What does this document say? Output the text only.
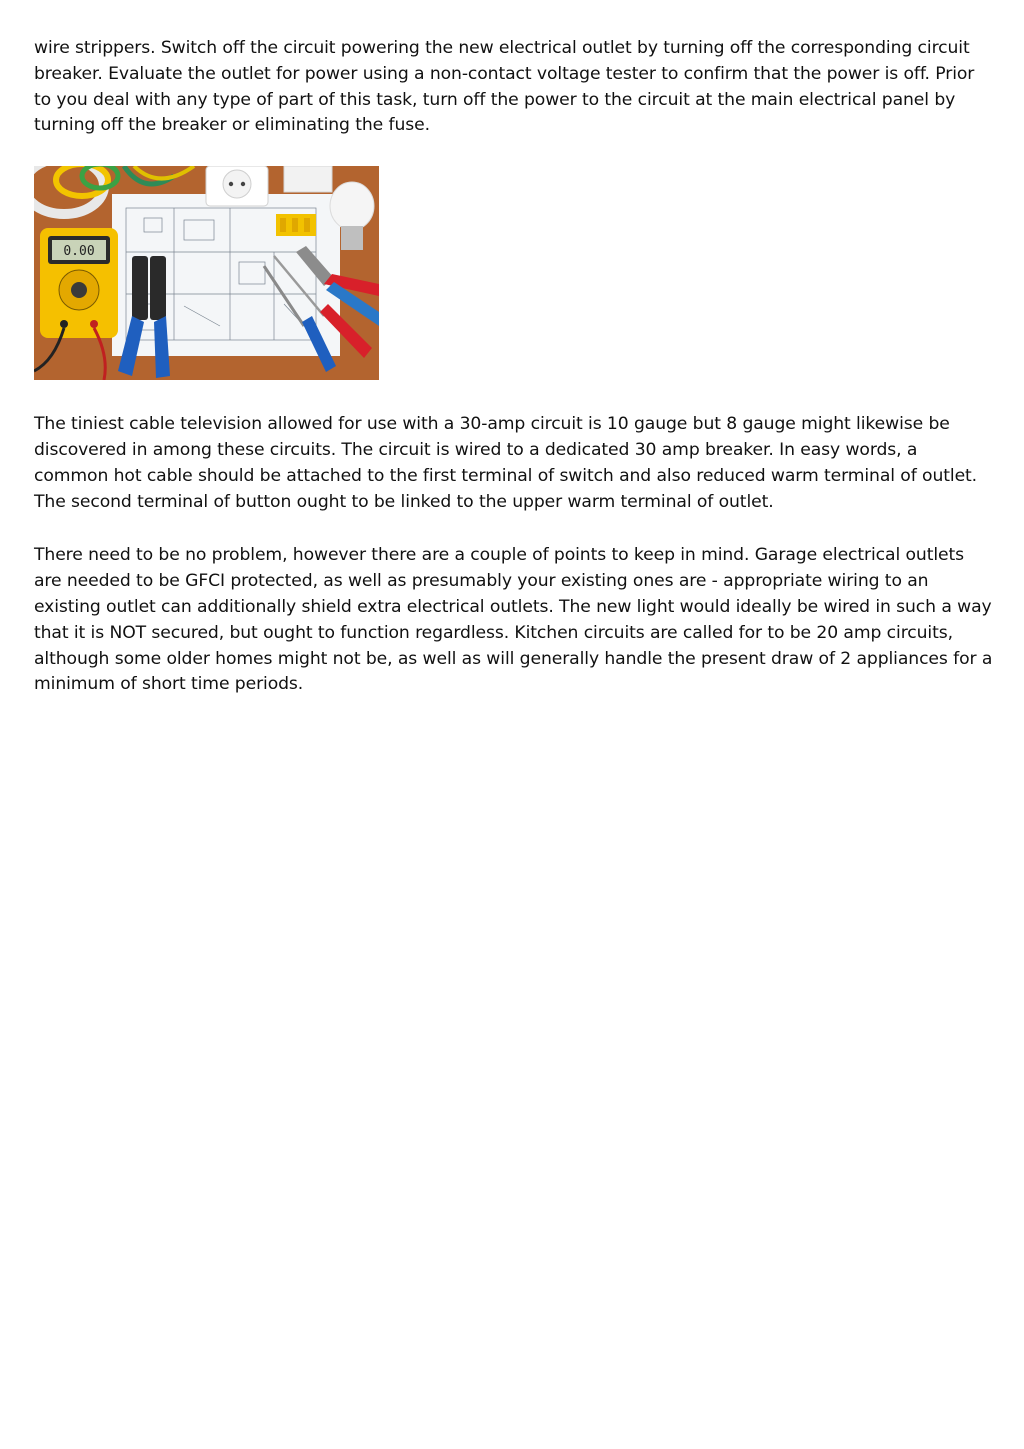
wire strippers. Switch off the circuit powering the new electrical outlet by turning off the corresponding circuit breaker. Evaluate the outlet for power using a non-contact voltage tester to confirm that the power is off. Prior to you deal with any type of part of this task, turn off the power to the circuit at the main electrical panel by turning off the breaker or eliminating the fuse.

0.00

The tiniest cable television allowed for use with a 30-amp circuit is 10 gauge but 8 gauge might likewise be discovered in among these circuits. The circuit is wired to a dedicated 30 amp breaker. In easy words, a common hot cable should be attached to the first terminal of switch and also reduced warm terminal of outlet. The second terminal of button ought to be linked to the upper warm terminal of outlet.

There need to be no problem, however there are a couple of points to keep in mind. Garage electrical outlets are needed to be GFCI protected, as well as presumably your existing ones are - appropriate wiring to an existing outlet can additionally shield extra electrical outlets. The new light would ideally be wired in such a way that it is NOT secured, but ought to function regardless. Kitchen circuits are called for to be 20 amp circuits, although some older homes might not be, as well as will generally handle the present draw of 2 appliances for a minimum of short time periods.
